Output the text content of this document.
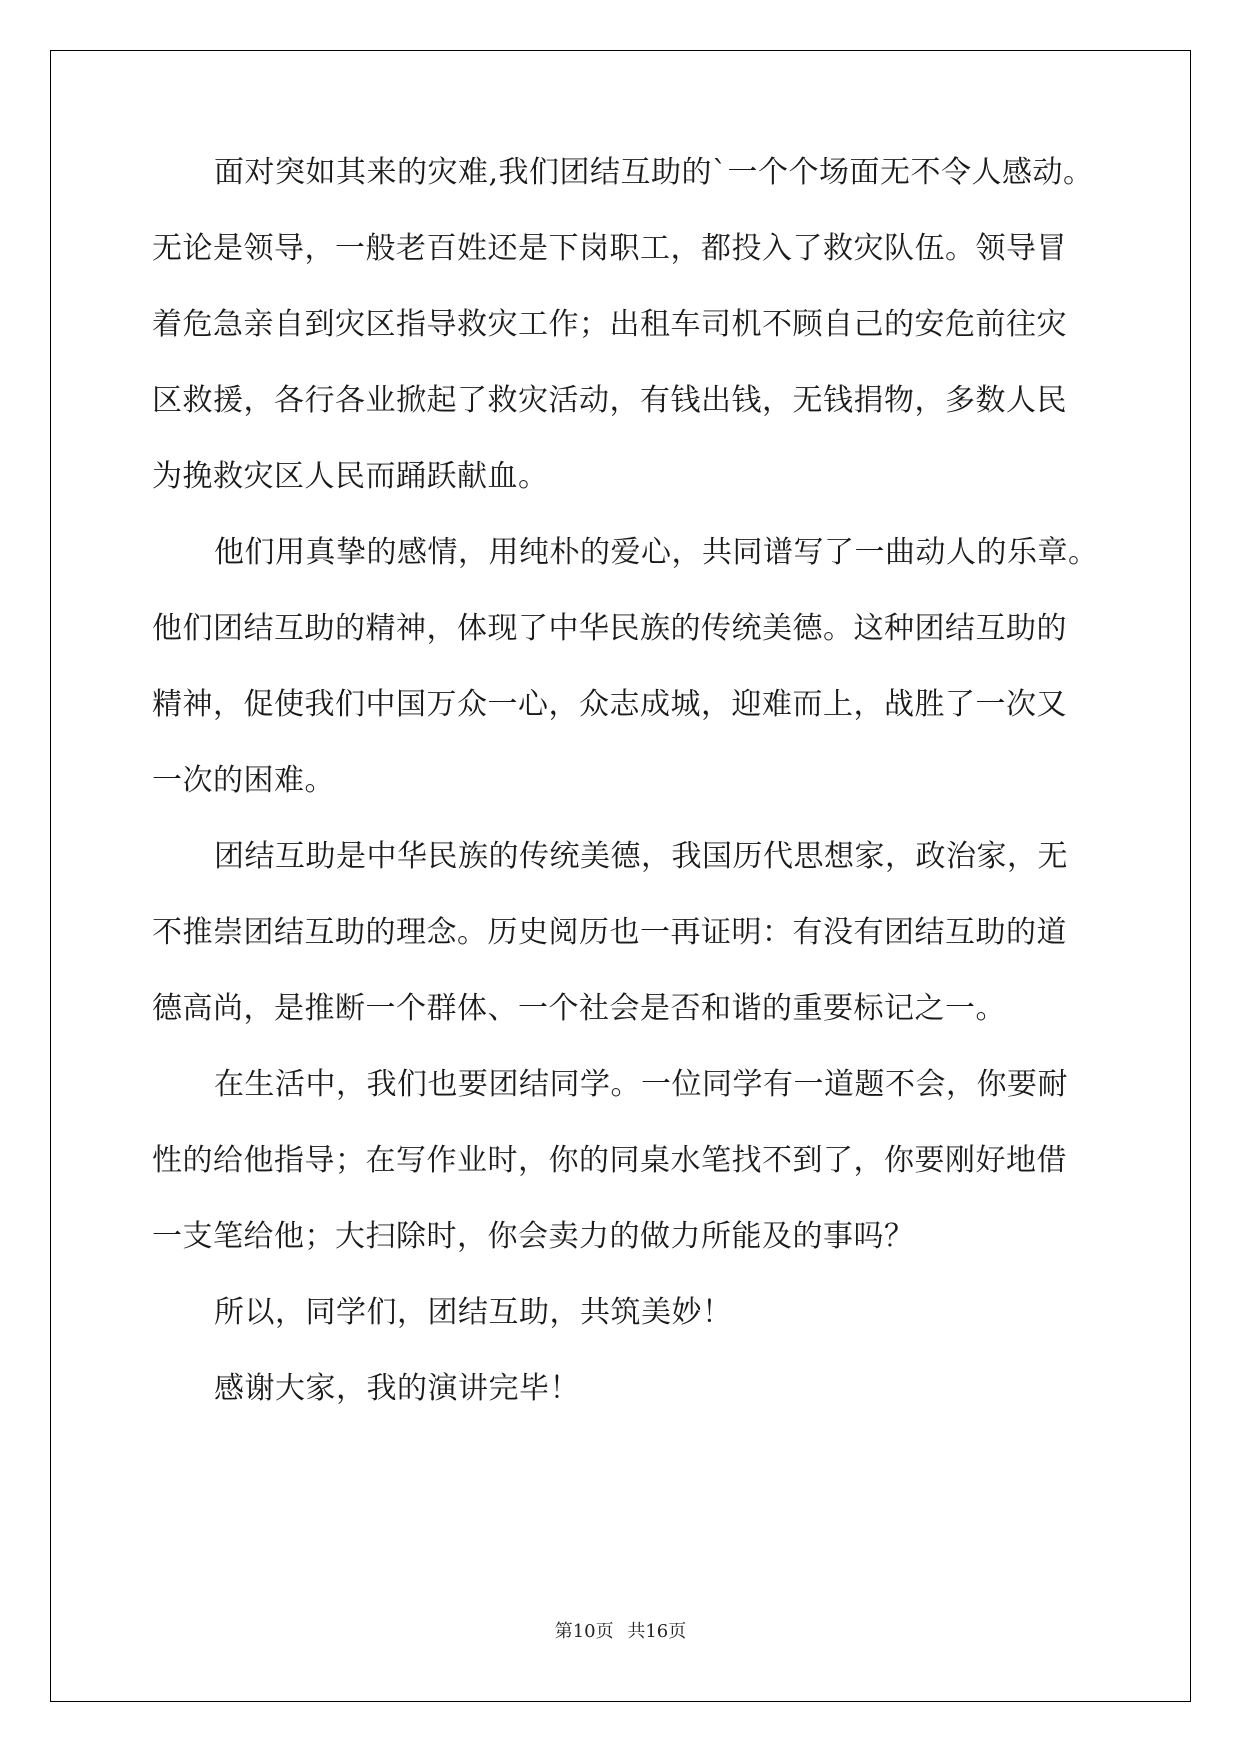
面对突如其来的灾难,我们团结互助的`一个个场面无不令人感动。
无论是领导，一般老百姓还是下岗职工，都投入了救灾队伍。领导冒
着危急亲自到灾区指导救灾工作；出租车司机不顾自己的安危前往灾
区救援，各行各业掀起了救灾活动，有钱出钱，无钱捐物，多数人民
为挽救灾区人民而踊跃献血。
他们用真挚的感情，用纯朴的爱心，共同谱写了一曲动人的乐章。
他们团结互助的精神，体现了中华民族的传统美德。这种团结互助的
精神，促使我们中国万众一心，众志成城，迎难而上，战胜了一次又
一次的困难。
团结互助是中华民族的传统美德，我国历代思想家，政治家，无
不推崇团结互助的理念。历史阅历也一再证明：有没有团结互助的道
德高尚，是推断一个群体、一个社会是否和谐的重要标记之一。
在生活中，我们也要团结同学。一位同学有一道题不会，你要耐
性的给他指导；在写作业时，你的同桌水笔找不到了，你要刚好地借
一支笔给他；大扫除时，你会卖力的做力所能及的事吗？
所以，同学们，团结互助，共筑美妙！
感谢大家，我的演讲完毕！
第10页 共16页
